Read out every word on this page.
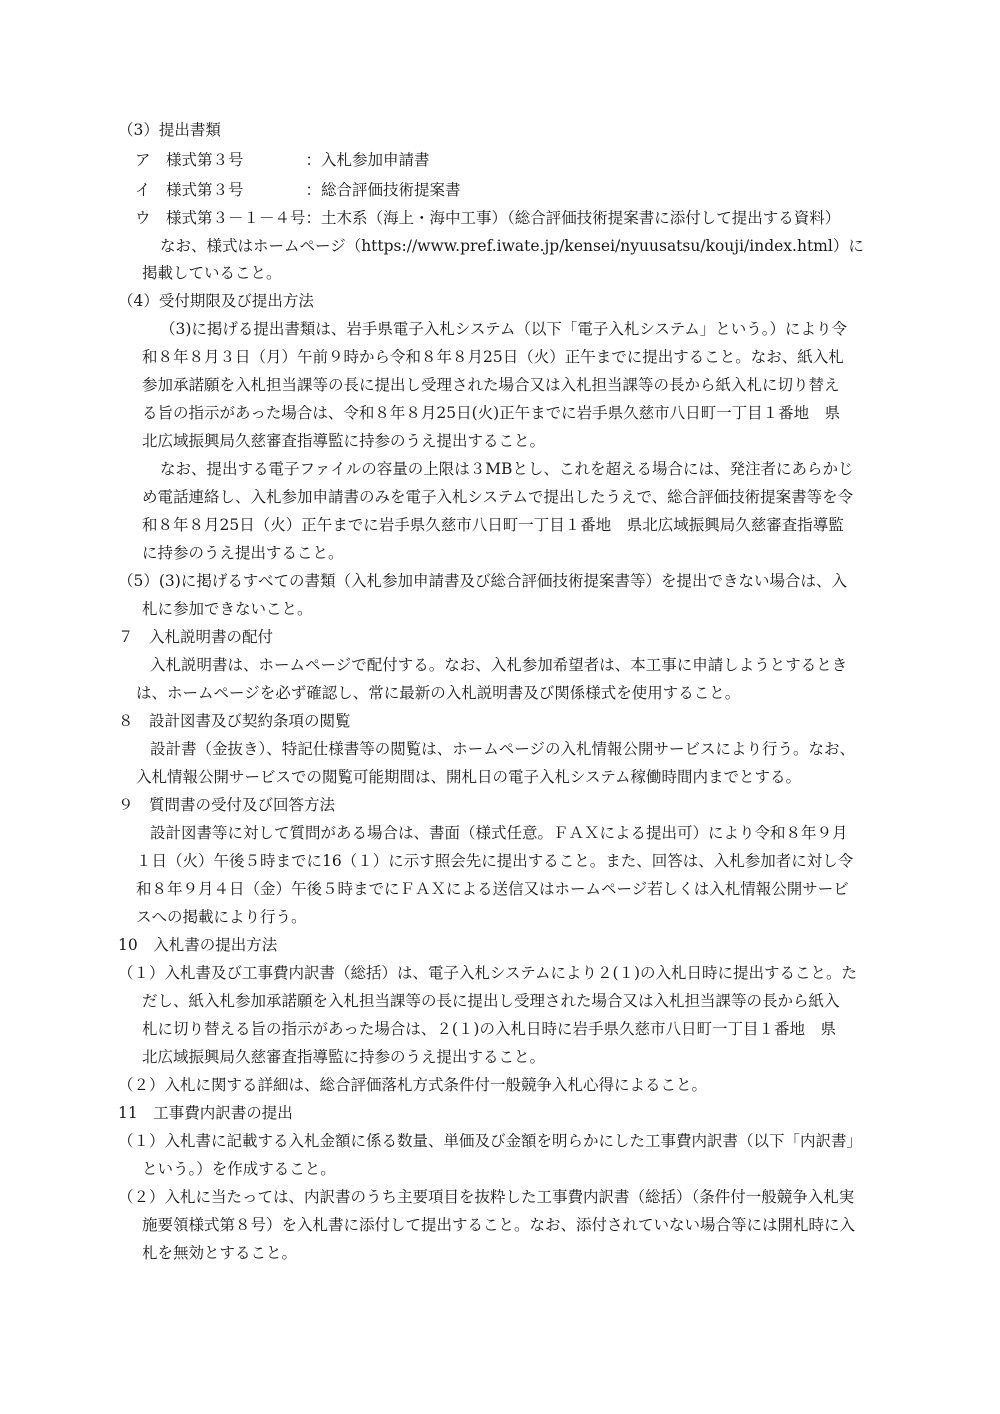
（3）提出書類
ア　様式第３号　　　　：入札参加申請書
イ　様式第３号　　　　：総合評価技術提案書
ウ　様式第３－１－４号：土木系（海上・海中工事）（総合評価技術提案書に添付して提出する資料）
なお、様式はホームページ（https://www.pref.iwate.jp/kensei/nyuusatsu/kouji/index.html）に
掲載していること。
（4）受付期限及び提出方法
（3)に掲げる提出書類は、岩手県電子入札システム（以下「電子入札システム」という。）により令
和８年８月３日（月）午前９時から令和８年８月25日（火）正午までに提出すること。なお、紙入札
参加承諾願を入札担当課等の長に提出し受理された場合又は入札担当課等の長から紙入札に切り替え
る旨の指示があった場合は、令和８年８月25日(火)正午までに岩手県久慈市八日町一丁目１番地　県
北広域振興局久慈審査指導監に持参のうえ提出すること。
なお、提出する電子ファイルの容量の上限は３MBとし、これを超える場合には、発注者にあらかじ
め電話連絡し、入札参加申請書のみを電子入札システムで提出したうえで、総合評価技術提案書等を令
和８年８月25日（火）正午までに岩手県久慈市八日町一丁目１番地　県北広域振興局久慈審査指導監
に持参のうえ提出すること。
（5）(3)に掲げるすべての書類（入札参加申請書及び総合評価技術提案書等）を提出できない場合は、入
札に参加できないこと。
７　入札説明書の配付
入札説明書は、ホームページで配付する。なお、入札参加希望者は、本工事に申請しようとするとき
は、ホームページを必ず確認し、常に最新の入札説明書及び関係様式を使用すること。
８　設計図書及び契約条項の閲覧
設計書（金抜き）、特記仕様書等の閲覧は、ホームページの入札情報公開サービスにより行う。なお、
入札情報公開サービスでの閲覧可能期間は、開札日の電子入札システム稼働時間内までとする。
９　質問書の受付及び回答方法
設計図書等に対して質問がある場合は、書面（様式任意。ＦＡＸによる提出可）により令和８年９月
１日（火）午後５時までに16（１）に示す照会先に提出すること。また、回答は、入札参加者に対し令
和８年９月４日（金）午後５時までにＦＡＸによる送信又はホームページ若しくは入札情報公開サービ
スへの掲載により行う。
10　入札書の提出方法
（１）入札書及び工事費内訳書（総括）は、電子入札システムにより２(１)の入札日時に提出すること。た
だし、紙入札参加承諾願を入札担当課等の長に提出し受理された場合又は入札担当課等の長から紙入
札に切り替える旨の指示があった場合は、２(１)の入札日時に岩手県久慈市八日町一丁目１番地　県
北広域振興局久慈審査指導監に持参のうえ提出すること。
（２）入札に関する詳細は、総合評価落札方式条件付一般競争入札心得によること。
11　工事費内訳書の提出
（１）入札書に記載する入札金額に係る数量、単価及び金額を明らかにした工事費内訳書（以下「内訳書」
という。）を作成すること。
（２）入札に当たっては、内訳書のうち主要項目を抜粋した工事費内訳書（総括）（条件付一般競争入札実
施要領様式第８号）を入札書に添付して提出すること。なお、添付されていない場合等には開札時に入
札を無効とすること。
